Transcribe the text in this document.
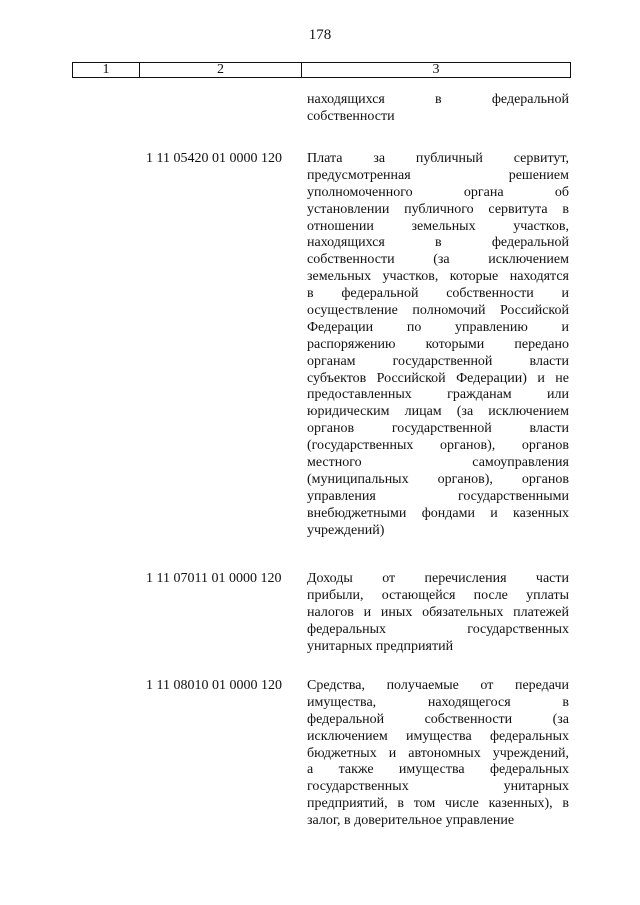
178
1	2	3
находящихся в федеральной
собственности
1 11 05420 01 0000 120	Плата за публичный сервитут,
предусмотренная решением
уполномоченного органа об
установлении публичного сервитута в
отношении земельных участков,
находящихся в федеральной
собственности (за исключением
земельных участков, которые находятся
в федеральной собственности и
осуществление полномочий Российской
Федерации по управлению и
распоряжению которыми передано
органам государственной власти
субъектов Российской Федерации) и не
предоставленных гражданам или
юридическим лицам (за исключением
органов государственной власти
(государственных органов), органов
местного самоуправления
(муниципальных органов), органов
управления государственными
внебюджетными фондами и казенных
учреждений)
1 11 07011 01 0000 120	Доходы от перечисления части
прибыли, остающейся после уплаты
налогов и иных обязательных платежей
федеральных государственных
унитарных предприятий
1 11 08010 01 0000 120	Средства, получаемые от передачи
имущества, находящегося в
федеральной собственности (за
исключением имущества федеральных
бюджетных и автономных учреждений,
а также имущества федеральных
государственных унитарных
предприятий, в том числе казенных), в
залог, в доверительное управление
